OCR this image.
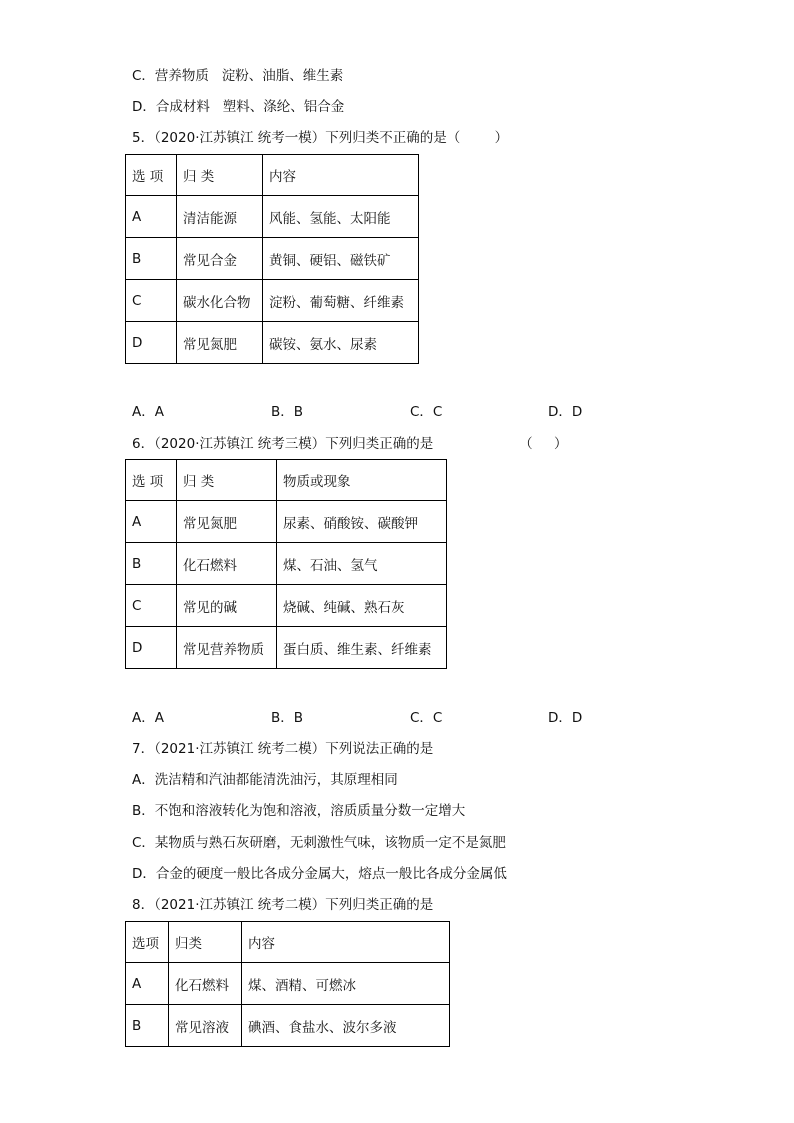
C．营养物质   淀粉、油脂、维生素
D．合成材料   塑料、涤纶、铝合金
5．（2020·江苏镇江 统考一模）下列归类不正确的是（        ）
选 项	归 类	内容
A	清洁能源	风能、氢能、太阳能
B	常见合金	黄铜、硬铝、磁铁矿
C	碳水化合物	淀粉、葡萄糖、纤维素
D	常见氮肥	碳铵、氨水、尿素
A．A	B．B	C．C	D．D
6．（2020·江苏镇江 统考三模）下列归类正确的是                    （     ）
选 项	归 类	物质或现象
A	常见氮肥	尿素、硝酸铵、碳酸钾
B	化石燃料	煤、石油、氢气
C	常见的碱	烧碱、纯碱、熟石灰
D	常见营养物质	蛋白质、维生素、纤维素
A．A	B．B	C．C	D．D
7．（2021·江苏镇江 统考二模）下列说法正确的是
A．洗洁精和汽油都能清洗油污，其原理相同
B．不饱和溶液转化为饱和溶液，溶质质量分数一定增大
C．某物质与熟石灰研磨，无刺激性气味，该物质一定不是氮肥
D．合金的硬度一般比各成分金属大，熔点一般比各成分金属低
8．（2021·江苏镇江 统考二模）下列归类正确的是
选项	归类	内容
A	化石燃料	煤、酒精、可燃冰
B	常见溶液	碘酒、食盐水、波尔多液
